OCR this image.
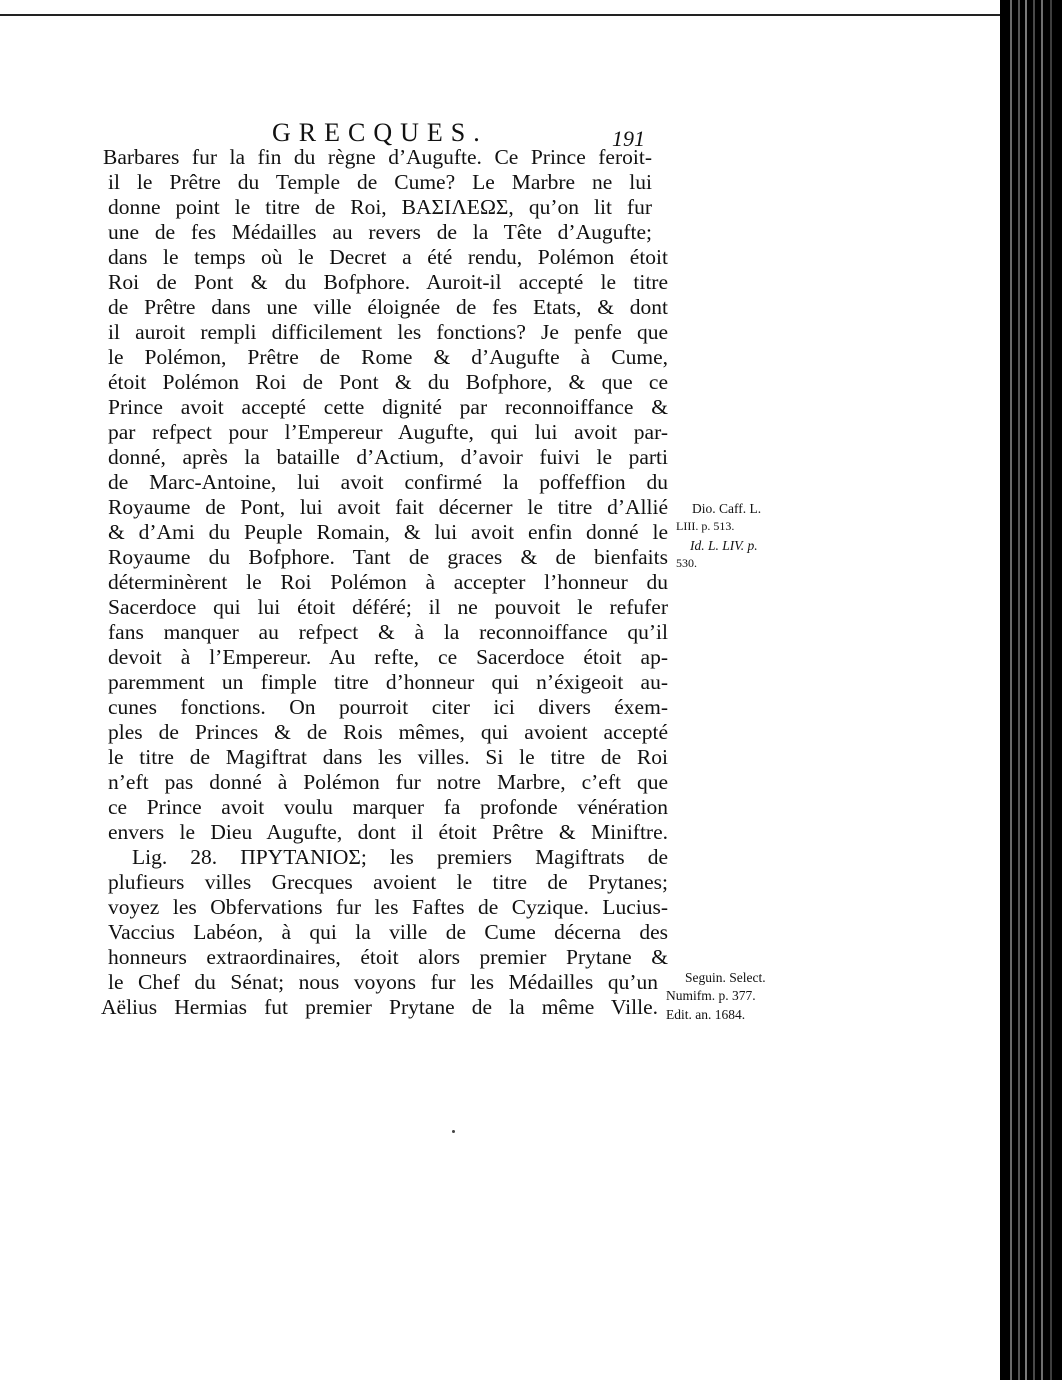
GRECQUES.	191
Barbares fur la fin du règne d’Augufte. Ce Prince feroit-
il le Prêtre du Temple de Cume? Le Marbre ne lui
donne point le titre de Roi, ΒΑΣΙΛΕΩΣ, qu’on lit fur
une de fes Médailles au revers de la Tête d’Augufte;
dans le temps où le Decret a été rendu, Polémon étoit
Roi de Pont & du Bofphore. Auroit-il accepté le titre
de Prêtre dans une ville éloignée de fes Etats, & dont
il auroit rempli difficilement les fonctions? Je penfe que
le Polémon, Prêtre de Rome & d’Augufte à Cume,
étoit Polémon Roi de Pont & du Bofphore, & que ce
Prince avoit accepté cette dignité par reconnoiffance &
par refpect pour l’Empereur Augufte, qui lui avoit par-
donné, après la bataille d’Actium, d’avoir fuivi le parti
de Marc-Antoine, lui avoit confirmé la poffeffion du
Royaume de Pont, lui avoit fait décerner le titre d’Allié
& d’Ami du Peuple Romain, & lui avoit enfin donné le
Royaume du Bofphore. Tant de graces & de bienfaits
déterminèrent le Roi Polémon à accepter l’honneur du
Sacerdoce qui lui étoit déféré; il ne pouvoit le refufer
fans manquer au refpect & à la reconnoiffance qu’il
devoit à l’Empereur. Au refte, ce Sacerdoce étoit ap-
paremment un fimple titre d’honneur qui n’éxigeoit au-
cunes fonctions. On pourroit citer ici divers éxem-
ples de Princes & de Rois mêmes, qui avoient accepté
le titre de Magiftrat dans les villes. Si le titre de Roi
n’eft pas donné à Polémon fur notre Marbre, c’eft que
ce Prince avoit voulu marquer fa profonde vénération
envers le Dieu Augufte, dont il étoit Prêtre & Miniftre.
Lig. 28. ΠΡΥΤΑΝΙΟΣ; les premiers Magiftrats de
plufieurs villes Grecques avoient le titre de Prytanes;
voyez les Obfervations fur les Faftes de Cyzique. Lucius-
Vaccius Labéon, à qui la ville de Cume décerna des
honneurs extraordinaires, étoit alors premier Prytane &
le Chef du Sénat; nous voyons fur les Médailles qu’un
Aëlius Hermias fut premier Prytane de la même Ville.
Dio. Caff. L.
LIII. p. 513.
Id. L. LIV. p.
530.
Seguin. Select.
Numifm. p. 377.
Edit. an. 1684.
